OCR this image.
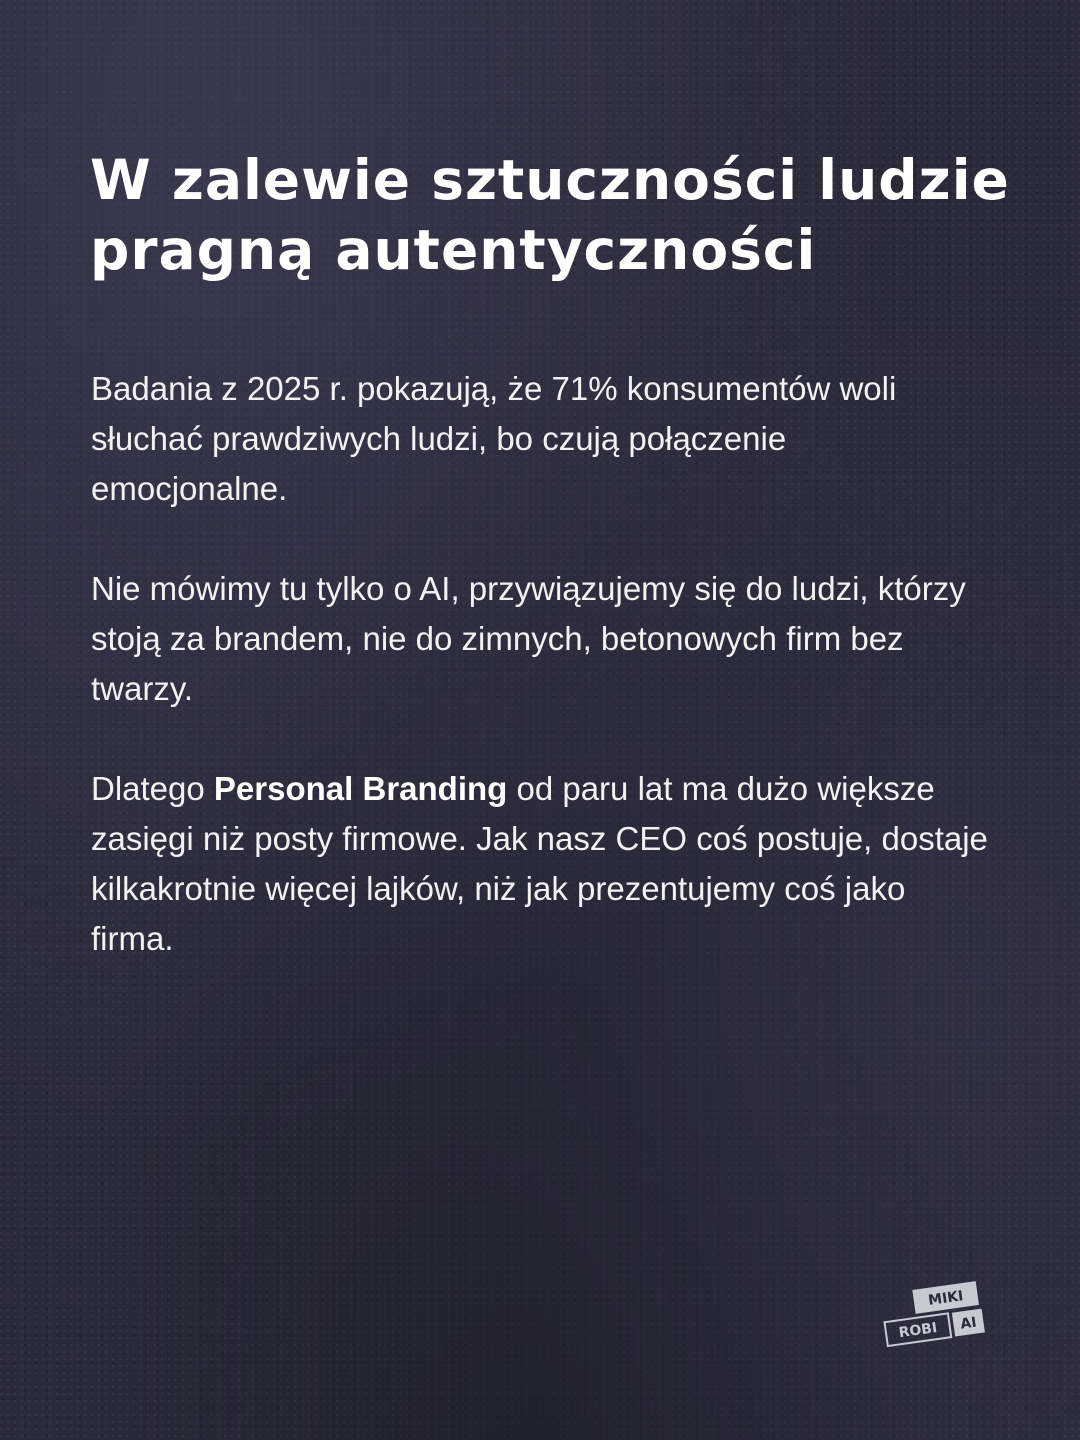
W zalewie sztuczności ludzie
pragną autentyczności

Badania z 2025 r. pokazują, że 71% konsumentów woli słuchać prawdziwych ludzi, bo czują połączenie emocjonalne.

Nie mówimy tu tylko o AI, przywiązujemy się do ludzi, którzy stoją za brandem, nie do zimnych, betonowych firm bez twarzy.

Dlatego Personal Branding od paru lat ma dużo większe zasięgi niż posty firmowe. Jak nasz CEO coś postuje, dostaje kilkakrotnie więcej lajków, niż jak prezentujemy coś jako firma.

MIKI
ROBI AI
